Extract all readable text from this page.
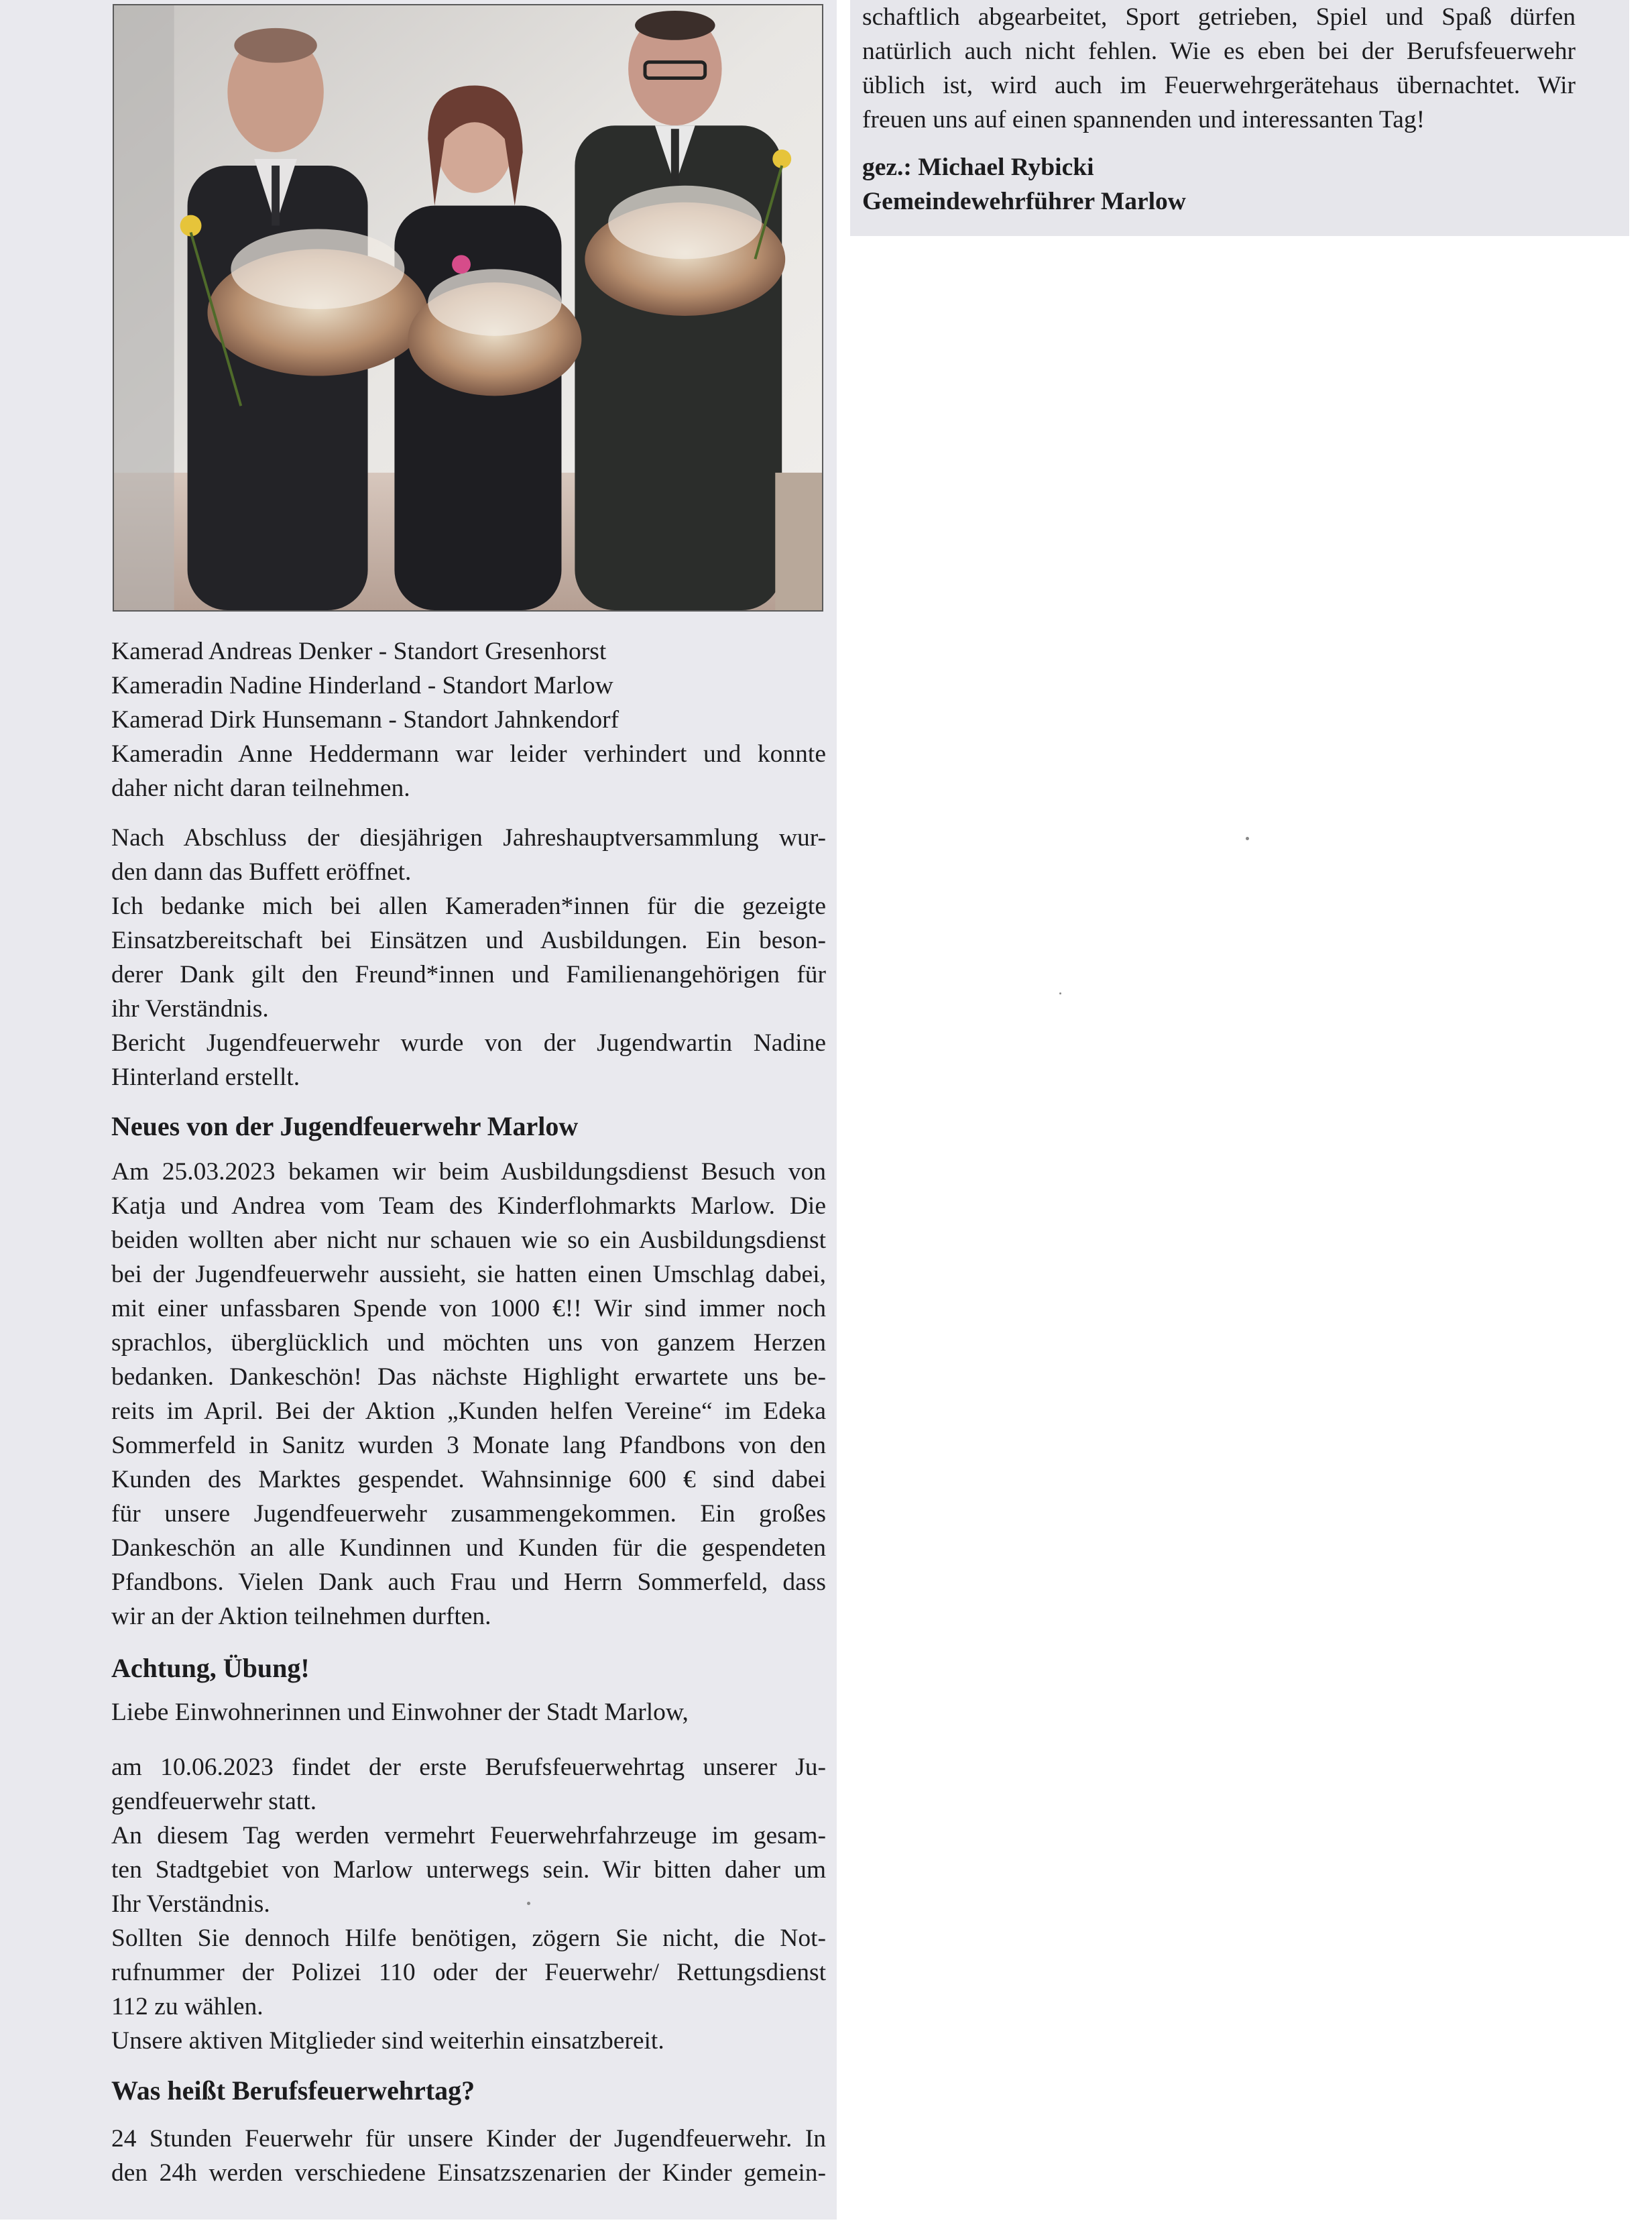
Kamerad Andreas Denker - Standort Gresenhorst
Kameradin Nadine Hinderland - Standort Marlow
Kamerad Dirk Hunsemann - Standort Jahnkendorf
Kameradin Anne Heddermann war leider verhindert und konnte
daher nicht daran teilnehmen.
Nach Abschluss der diesjährigen Jahreshauptversammlung wur-
den dann das Buffett eröffnet.
Ich bedanke mich bei allen Kameraden*innen für die gezeigte
Einsatzbereitschaft bei Einsätzen und Ausbildungen. Ein beson-
derer Dank gilt den Freund*innen und Familienangehörigen für
ihr Verständnis.
Bericht Jugendfeuerwehr wurde von der Jugendwartin Nadine
Hinterland erstellt.
Neues von der Jugendfeuerwehr Marlow
Am 25.03.2023 bekamen wir beim Ausbildungsdienst Besuch von
Katja und Andrea vom Team des Kinderflohmarkts Marlow. Die
beiden wollten aber nicht nur schauen wie so ein Ausbildungsdienst
bei der Jugendfeuerwehr aussieht, sie hatten einen Umschlag dabei,
mit einer unfassbaren Spende von 1000 €!! Wir sind immer noch
sprachlos, überglücklich und möchten uns von ganzem Herzen
bedanken. Dankeschön! Das nächste Highlight erwartete uns be-
reits im April. Bei der Aktion „Kunden helfen Vereine“ im Edeka
Sommerfeld in Sanitz wurden 3 Monate lang Pfandbons von den
Kunden des Marktes gespendet. Wahnsinnige 600 € sind dabei
für unsere Jugendfeuerwehr zusammengekommen. Ein großes
Dankeschön an alle Kundinnen und Kunden für die gespendeten
Pfandbons. Vielen Dank auch Frau und Herrn Sommerfeld, dass
wir an der Aktion teilnehmen durften.
Achtung, Übung!
Liebe Einwohnerinnen und Einwohner der Stadt Marlow,
am 10.06.2023 findet der erste Berufsfeuerwehrtag unserer Ju-
gendfeuerwehr statt.
An diesem Tag werden vermehrt Feuerwehrfahrzeuge im gesam-
ten Stadtgebiet von Marlow unterwegs sein. Wir bitten daher um
Ihr Verständnis.
Sollten Sie dennoch Hilfe benötigen, zögern Sie nicht, die Not-
rufnummer der Polizei 110 oder der Feuerwehr/ Rettungsdienst
112 zu wählen.
Unsere aktiven Mitglieder sind weiterhin einsatzbereit.
Was heißt Berufsfeuerwehrtag?
24 Stunden Feuerwehr für unsere Kinder der Jugendfeuerwehr. In
den 24h werden verschiedene Einsatzszenarien der Kinder gemein-
schaftlich abgearbeitet, Sport getrieben, Spiel und Spaß dürfen
natürlich auch nicht fehlen. Wie es eben bei der Berufsfeuerwehr
üblich ist, wird auch im Feuerwehrgerätehaus übernachtet. Wir
freuen uns auf einen spannenden und interessanten Tag!
gez.: Michael Rybicki
Gemeindewehrführer Marlow
